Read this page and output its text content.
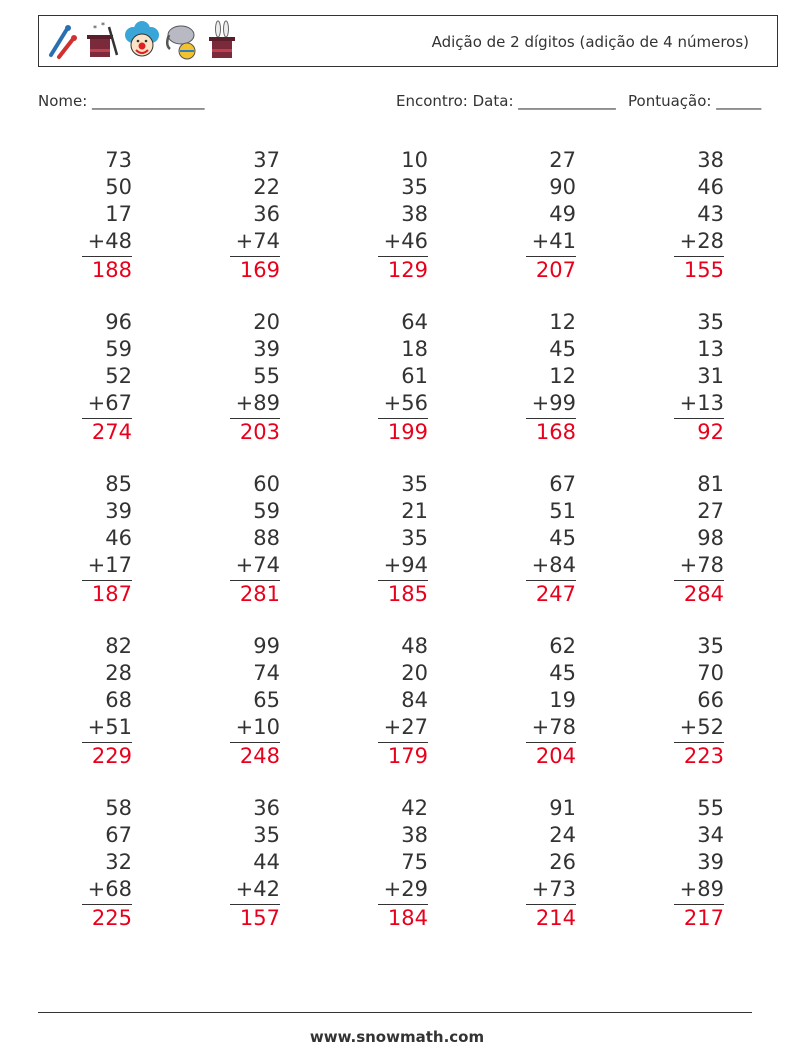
* *
Adição de 2 dígitos (adição de 4 números)
Nome: _______________	Encontro: Data: _____________ Pontuação: ______
73
50
17
+48
188
37
22
36
+74
169
10
35
38
+46
129
27
90
49
+41
207
38
46
43
+28
155
96
59
52
+67
274
20
39
55
+89
203
64
18
61
+56
199
12
45
12
+99
168
35
13
31
+13
92
85
39
46
+17
187
60
59
88
+74
281
35
21
35
+94
185
67
51
45
+84
247
81
27
98
+78
284
82
28
68
+51
229
99
74
65
+10
248
48
20
84
+27
179
62
45
19
+78
204
35
70
66
+52
223
58
67
32
+68
225
36
35
44
+42
157
42
38
75
+29
184
91
24
26
+73
214
55
34
39
+89
217
www.snowmath.com
